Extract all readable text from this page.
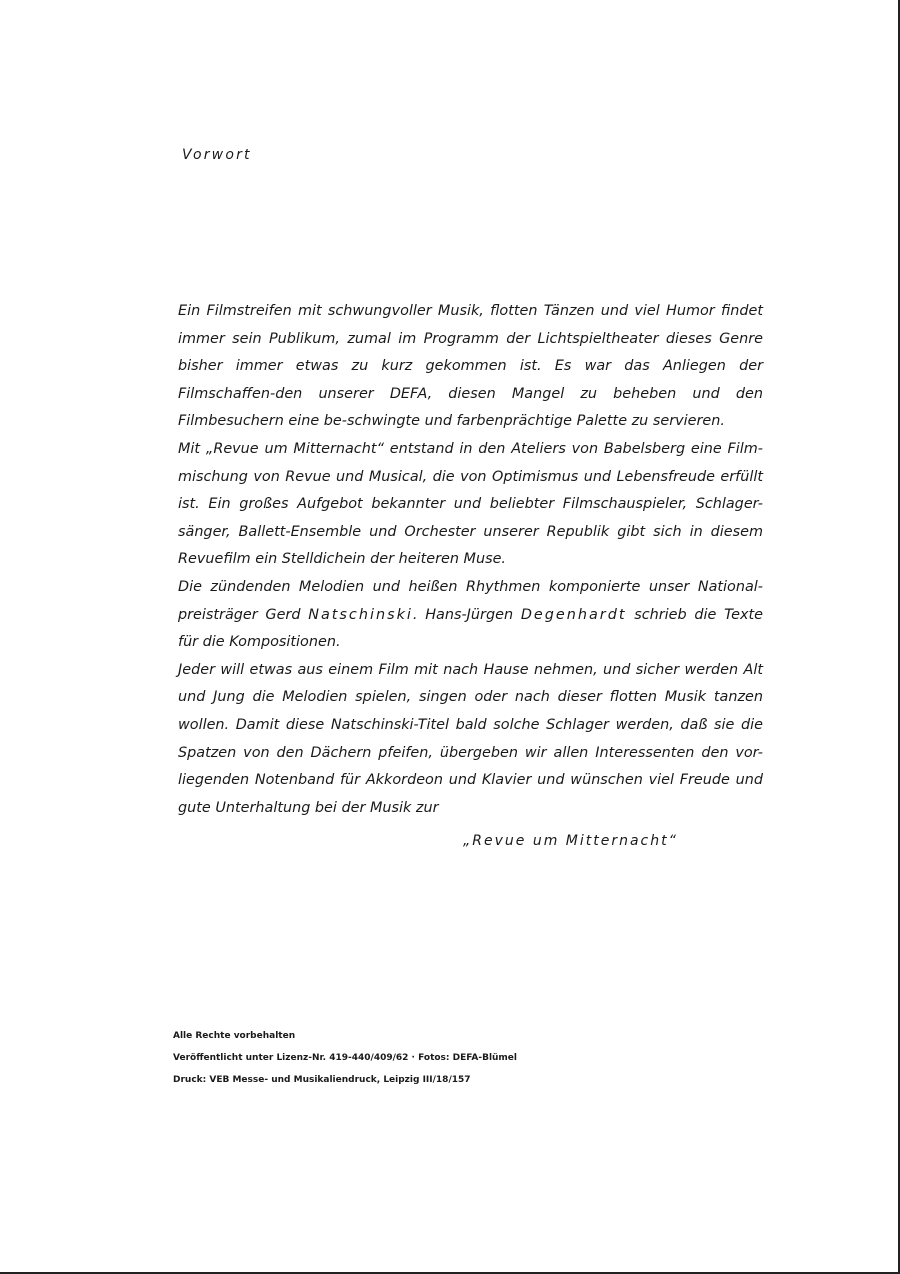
Vorwort

Ein Filmstreifen mit schwungvoller Musik, flotten Tänzen und viel Humor findet immer sein Publikum, zumal im Programm der Lichtspieltheater dieses Genre bisher immer etwas zu kurz gekommen ist. Es war das Anliegen der Filmschaffen-den unserer DEFA, diesen Mangel zu beheben und den Filmbesuchern eine be-schwingte und farbenprächtige Palette zu servieren.

Mit „Revue um Mitternacht“ entstand in den Ateliers von Babelsberg eine Film-mischung von Revue und Musical, die von Optimismus und Lebensfreude erfüllt ist. Ein großes Aufgebot bekannter und beliebter Filmschauspieler, Schlager-sänger, Ballett-Ensemble und Orchester unserer Republik gibt sich in diesem Revuefilm ein Stelldichein der heiteren Muse.

Die zündenden Melodien und heißen Rhythmen komponierte unser National-preisträger Gerd Natschinski. Hans-Jürgen Degenhardt schrieb die Texte für die Kompositionen.

Jeder will etwas aus einem Film mit nach Hause nehmen, und sicher werden Alt und Jung die Melodien spielen, singen oder nach dieser flotten Musik tanzen wollen. Damit diese Natschinski-Titel bald solche Schlager werden, daß sie die Spatzen von den Dächern pfeifen, übergeben wir allen Interessenten den vor-liegenden Notenband für Akkordeon und Klavier und wünschen viel Freude und gute Unterhaltung bei der Musik zur

„Revue um Mitternacht“
Alle Rechte vorbehalten
Veröffentlicht unter Lizenz-Nr. 419-440/409/62 · Fotos: DEFA-Blümel
Druck: VEB Messe- und Musikaliendruck, Leipzig III/18/157
